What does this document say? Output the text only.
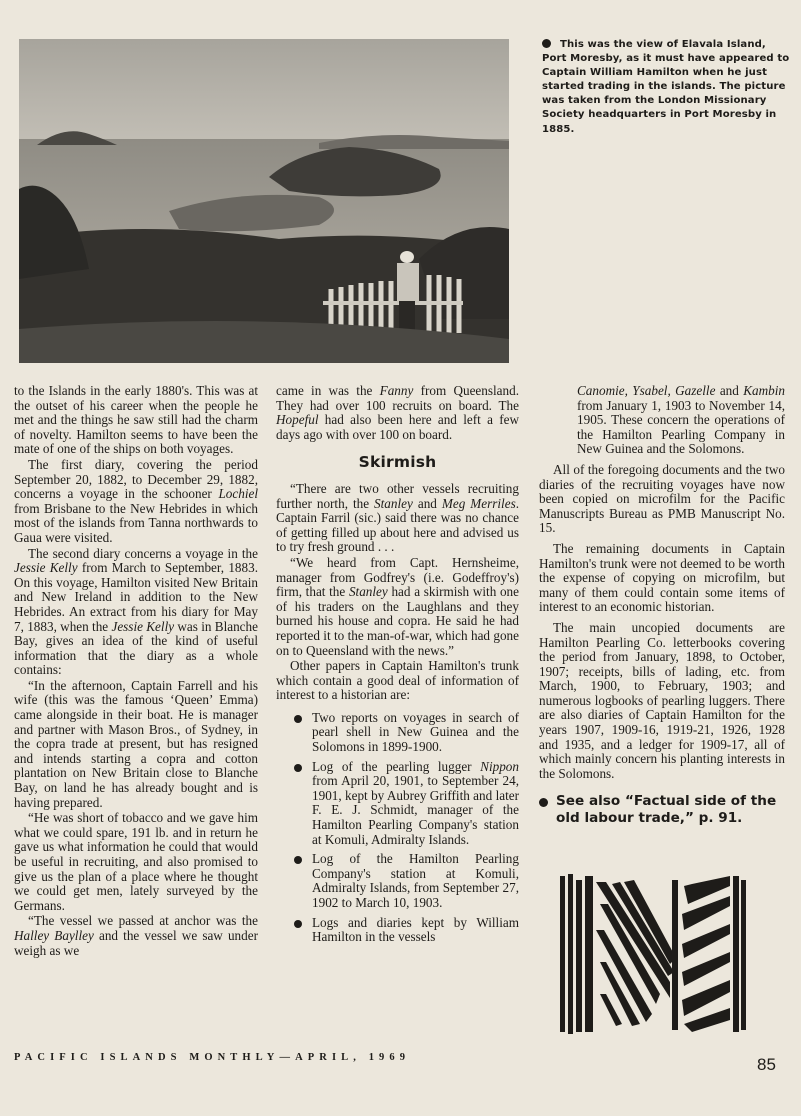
This was the view of Elavala Island, Port Moresby, as it must have appeared to Captain William Hamilton when he just started trading in the islands. The picture was taken from the London Missionary Society headquarters in Port Moresby in 1885.

to the Islands in the early 1880's. This was at the outset of his career when the people he met and the things he saw still had the charm of novelty. Hamilton seems to have been the mate of one of the ships on both voyages.

The first diary, covering the period September 20, 1882, to December 29, 1882, concerns a voyage in the schooner Lochiel from Brisbane to the New Hebrides in which most of the islands from Tanna northwards to Gaua were visited.

The second diary concerns a voyage in the Jessie Kelly from March to September, 1883. On this voyage, Hamilton visited New Britain and New Ireland in addition to the New Hebrides. An extract from his diary for May 7, 1883, when the Jessie Kelly was in Blanche Bay, gives an idea of the kind of useful information that the diary as a whole contains:

“In the afternoon, Captain Farrell and his wife (this was the famous ‘Queen’ Emma) came alongside in their boat. He is manager and partner with Mason Bros., of Sydney, in the copra trade at present, but has resigned and intends starting a copra and cotton plantation on New Britain close to Blanche Bay, on land he has already bought and is having prepared.

“He was short of tobacco and we gave him what we could spare, 191 lb. and in return he gave us what information he could that would be useful in recruiting, and also promised to give us the plan of a place where he thought we could get men, lately surveyed by the Germans.

“The vessel we passed at anchor was the Halley Baylley and the vessel we saw under weigh as we

came in was the Fanny from Queensland. They had over 100 recruits on board. The Hopeful had also been here and left a few days ago with over 100 on board.

Skirmish

“There are two other vessels recruiting further north, the Stanley and Meg Merriles. Captain Farril (sic.) said there was no chance of getting filled up about here and advised us to try fresh ground . . .

“We heard from Capt. Hernsheime, manager from Godfrey's (i.e. Godeffroy's) firm, that the Stanley had a skirmish with one of his traders on the Laughlans and they burned his house and copra. He said he had reported it to the man-of-war, which had gone on to Queensland with the news.”

Other papers in Captain Hamilton's trunk which contain a good deal of information of interest to a historian are:

Two reports on voyages in search of pearl shell in New Guinea and the Solomons in 1899-1900.
Log of the pearling lugger Nippon from April 20, 1901, to September 24, 1901, kept by Aubrey Griffith and later F. E. J. Schmidt, manager of the Hamilton Pearling Company's station at Komuli, Admiralty Islands.
Log of the Hamilton Pearling Company's station at Komuli, Admiralty Islands, from September 27, 1902 to March 10, 1903.
Logs and diaries kept by William Hamilton in the vessels

Canomie, Ysabel, Gazelle and Kambin from January 1, 1903 to November 14, 1905. These concern the operations of the Hamilton Pearling Company in New Guinea and the Solomons.

All of the foregoing documents and the two diaries of the recruiting voyages have now been copied on microfilm for the Pacific Manuscripts Bureau as PMB Manuscript No. 15.

The remaining documents in Captain Hamilton's trunk were not deemed to be worth the expense of copying on microfilm, but many of them could contain some items of interest to an economic historian.

The main uncopied documents are Hamilton Pearling Co. letterbooks covering the period from January, 1898, to October, 1907; receipts, bills of lading, etc. from March, 1900, to February, 1903; and numerous logbooks of pearling luggers. There are also diaries of Captain Hamilton for the years 1907, 1909-16, 1919-21, 1926, 1928 and 1935, and a ledger for 1909-17, all of which mainly concern his planting interests in the Solomons.

See also “Factual side of the old labour trade,” p. 91.
PACIFIC ISLANDS MONTHLY—APRIL, 1969	85
